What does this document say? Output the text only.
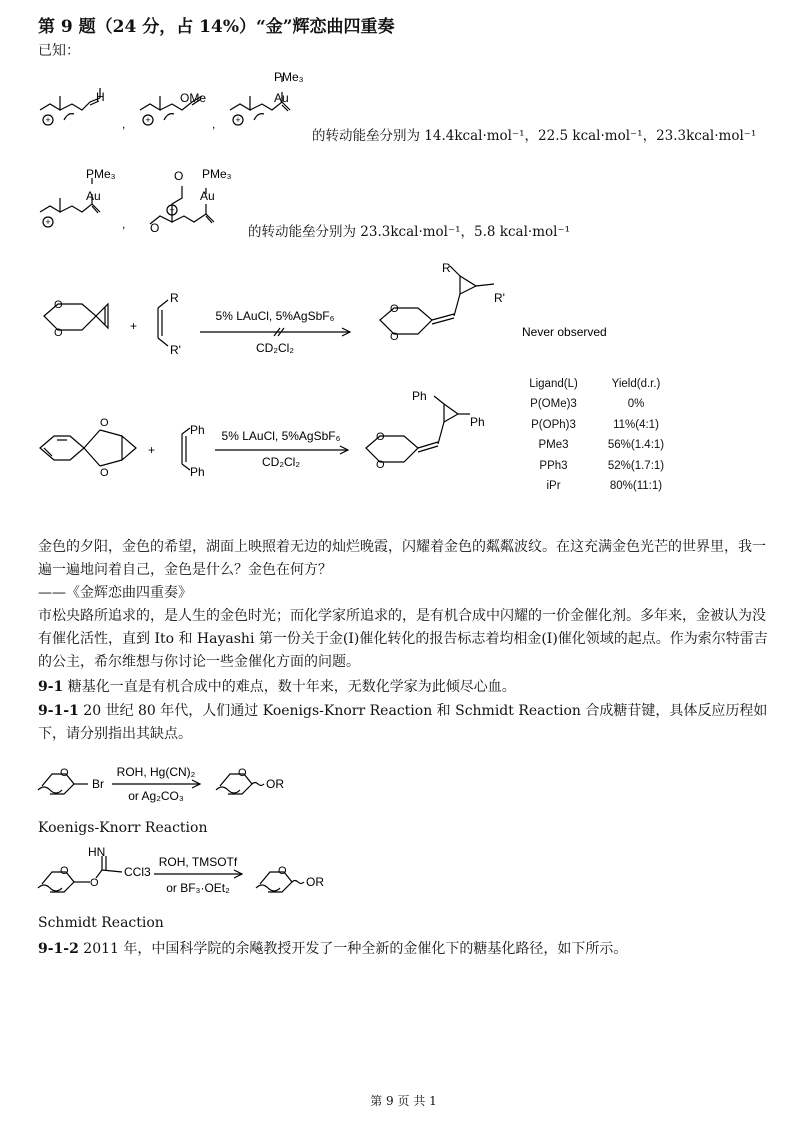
第 9 题（24 分，占 14%）“金”辉恋曲四重奏
已知：
+	+	+
H	OMe
PMe₃
Au
,	,
的转动能垒分别为 14.4kcal·mol⁻¹，22.5 kcal·mol⁻¹，23.3kcal·mol⁻¹
+
+
PMe₃
Au
O
O
PMe₃
Au
,	的转动能垒分别为 23.3kcal·mol⁻¹，5.8 kcal·mol⁻¹
O
O	+
R
R'
5% LAuCl, 5%AgSbF₆
CD₂Cl₂
O
O
R
R'
Never observed
O
O
+
Ph
Ph
5% LAuCl, 5%AgSbF₆
CD₂Cl₂
O
O
Ph
Ph
Ligand(L)	Yield(d.r.)
P(OMe)3	0%
P(OPh)3	11%(4:1)
PMe3	56%(1.4:1)
PPh3	52%(1.7:1)
iPr	80%(11:1)
金色的夕阳，金色的希望，湖面上映照着无边的灿烂晚霞，闪耀着金色的粼粼波纹。在这充满金色光芒的世界里，我一遍一遍地问着自己，金色是什么？金色在何方？
——《金辉恋曲四重奏》
市松央路所追求的，是人生的金色时光；而化学家所追求的，是有机合成中闪耀的一价金催化剂。多年来，金被认为没有催化活性，直到 Ito 和 Hayashi 第一份关于金(I)催化转化的报告标志着均相金(I)催化领域的起点。作为索尔特雷吉的公主，希尔维想与你讨论一些金催化方面的问题。
9-1 糖基化一直是有机合成中的难点，数十年来，无数化学家为此倾尽心血。
9-1-1 20 世纪 80 年代，人们通过 Koenigs-Knorr Reaction 和 Schmidt Reaction 合成糖苷键，具体反应历程如下，请分别指出其缺点。
O
Br
ROH, Hg(CN)₂
or Ag₂CO₃
O
OR
Koenigs-Knorr Reaction
O
O
HN
CCl3
ROH, TMSOTf
or BF₃·OEt₂
O
OR
Schmidt Reaction
9-1-2 2011 年，中国科学院的余飚教授开发了一种全新的金催化下的糖基化路径，如下所示。
第 9 页 共 1
